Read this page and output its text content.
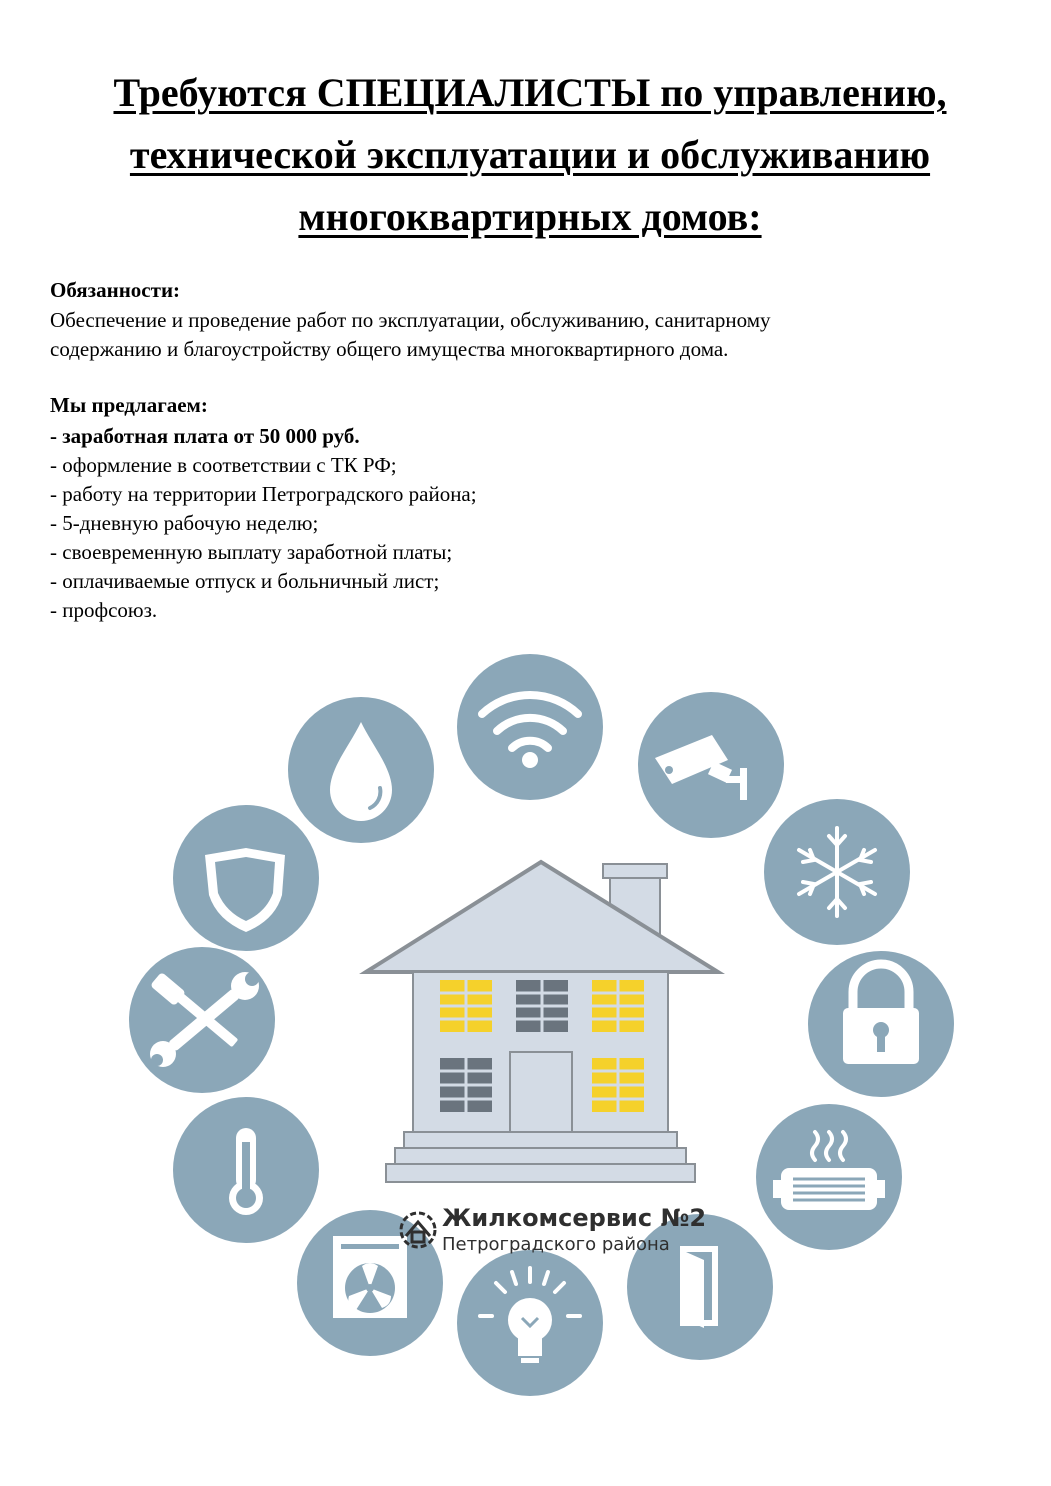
Требуются СПЕЦИАЛИСТЫ по управлению,
технической эксплуатации и обслуживанию
многоквартирных домов:
Обязанности:
Обеспечение и проведение работ по эксплуатации, обслуживанию, санитарному
содержанию и благоустройству общего имущества многоквартирного дома.
Мы предлагаем:
- заработная плата от 50 000 руб.
- оформление в соответствии с ТК РФ;
- работу на территории Петроградского района;
- 5-дневную рабочую неделю;
- своевременную выплату заработной платы;
- оплачиваемые отпуск и больничный лист;
- профсоюз.
Жилкомсервис №2
Петроградского района
